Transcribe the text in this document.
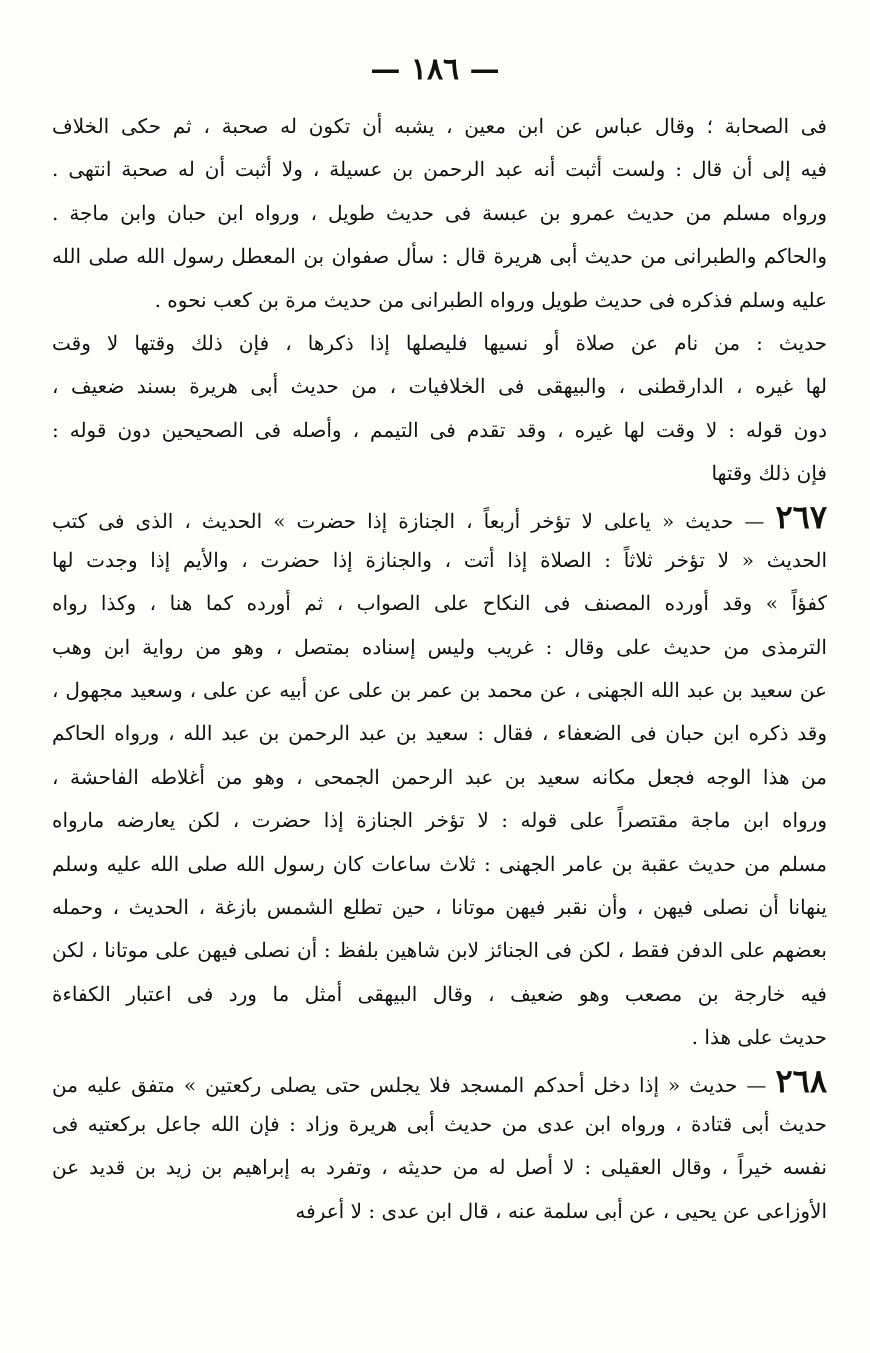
— ١٨٦ —
فى الصحابة ؛ وقال عباس عن ابن معين ، يشبه أن تكون له صحبة ، ثم حكى الخلاف
فيه إلى أن قال : ولست أثبت أنه عبد الرحمن بن عسيلة ، ولا أثبت أن له صحبة انتهى .
ورواه مسلم من حديث عمرو بن عبسة فى حديث طويل ، ورواه ابن حبان وابن ماجة .
والحاكم والطبرانى من حديث أبى هريرة قال : سأل صفوان بن المعطل رسول الله صلى الله
عليه وسلم فذكره فى حديث طويل ورواه الطبرانى من حديث مرة بن كعب نحوه .
حديث : من نام عن صلاة أو نسيها فليصلها إذا ذكرها ، فإن ذلك وقتها لا وقت
لها غيره ، الدارقطنى ، والبيهقى فى الخلافيات ، من حديث أبى هريرة بسند ضعيف ،
دون قوله : لا وقت لها غيره ، وقد تقدم فى التيمم ، وأصله فى الصحيحين دون قوله :
فإن ذلك وقتها
٢٦٧ — حديث « ياعلى لا تؤخر أربعاً ، الجنازة إذا حضرت » الحديث ، الذى فى كتب
الحديث « لا تؤخر ثلاثاً : الصلاة إذا أتت ، والجنازة إذا حضرت ، والأيم إذا وجدت لها
كفؤاً » وقد أورده المصنف فى النكاح على الصواب ، ثم أورده كما هنا ، وكذا رواه
الترمذى من حديث على وقال : غريب وليس إسناده بمتصل ، وهو من رواية ابن وهب
عن سعيد بن عبد الله الجهنى ، عن محمد بن عمر بن على عن أبيه عن على ، وسعيد مجهول ،
وقد ذكره ابن حبان فى الضعفاء ، فقال : سعيد بن عبد الرحمن بن عبد الله ، ورواه الحاكم
من هذا الوجه فجعل مكانه سعيد بن عبد الرحمن الجمحى ، وهو من أغلاطه الفاحشة ،
ورواه ابن ماجة مقتصراً على قوله : لا تؤخر الجنازة إذا حضرت ، لكن يعارضه مارواه
مسلم من حديث عقبة بن عامر الجهنى : ثلاث ساعات كان رسول الله صلى الله عليه وسلم
ينهانا أن نصلى فيهن ، وأن نقبر فيهن موتانا ، حين تطلع الشمس بازغة ، الحديث ، وحمله
بعضهم على الدفن فقط ، لكن فى الجنائز لابن شاهين بلفظ : أن نصلى فيهن على موتانا ، لكن
فيه خارجة بن مصعب وهو ضعيف ، وقال البيهقى أمثل ما ورد فى اعتبار الكفاءة
حديث على هذا .
٢٦٨ — حديث « إذا دخل أحدكم المسجد فلا يجلس حتى يصلى ركعتين » متفق عليه من
حديث أبى قتادة ، ورواه ابن عدى من حديث أبى هريرة وزاد : فإن الله جاعل بركعتيه فى
نفسه خيراً ، وقال العقيلى : لا أصل له من حديثه ، وتفرد به إبراهيم بن زيد بن قديد عن
الأوزاعى عن يحيى ، عن أبى سلمة عنه ، قال ابن عدى : لا أعرفه
